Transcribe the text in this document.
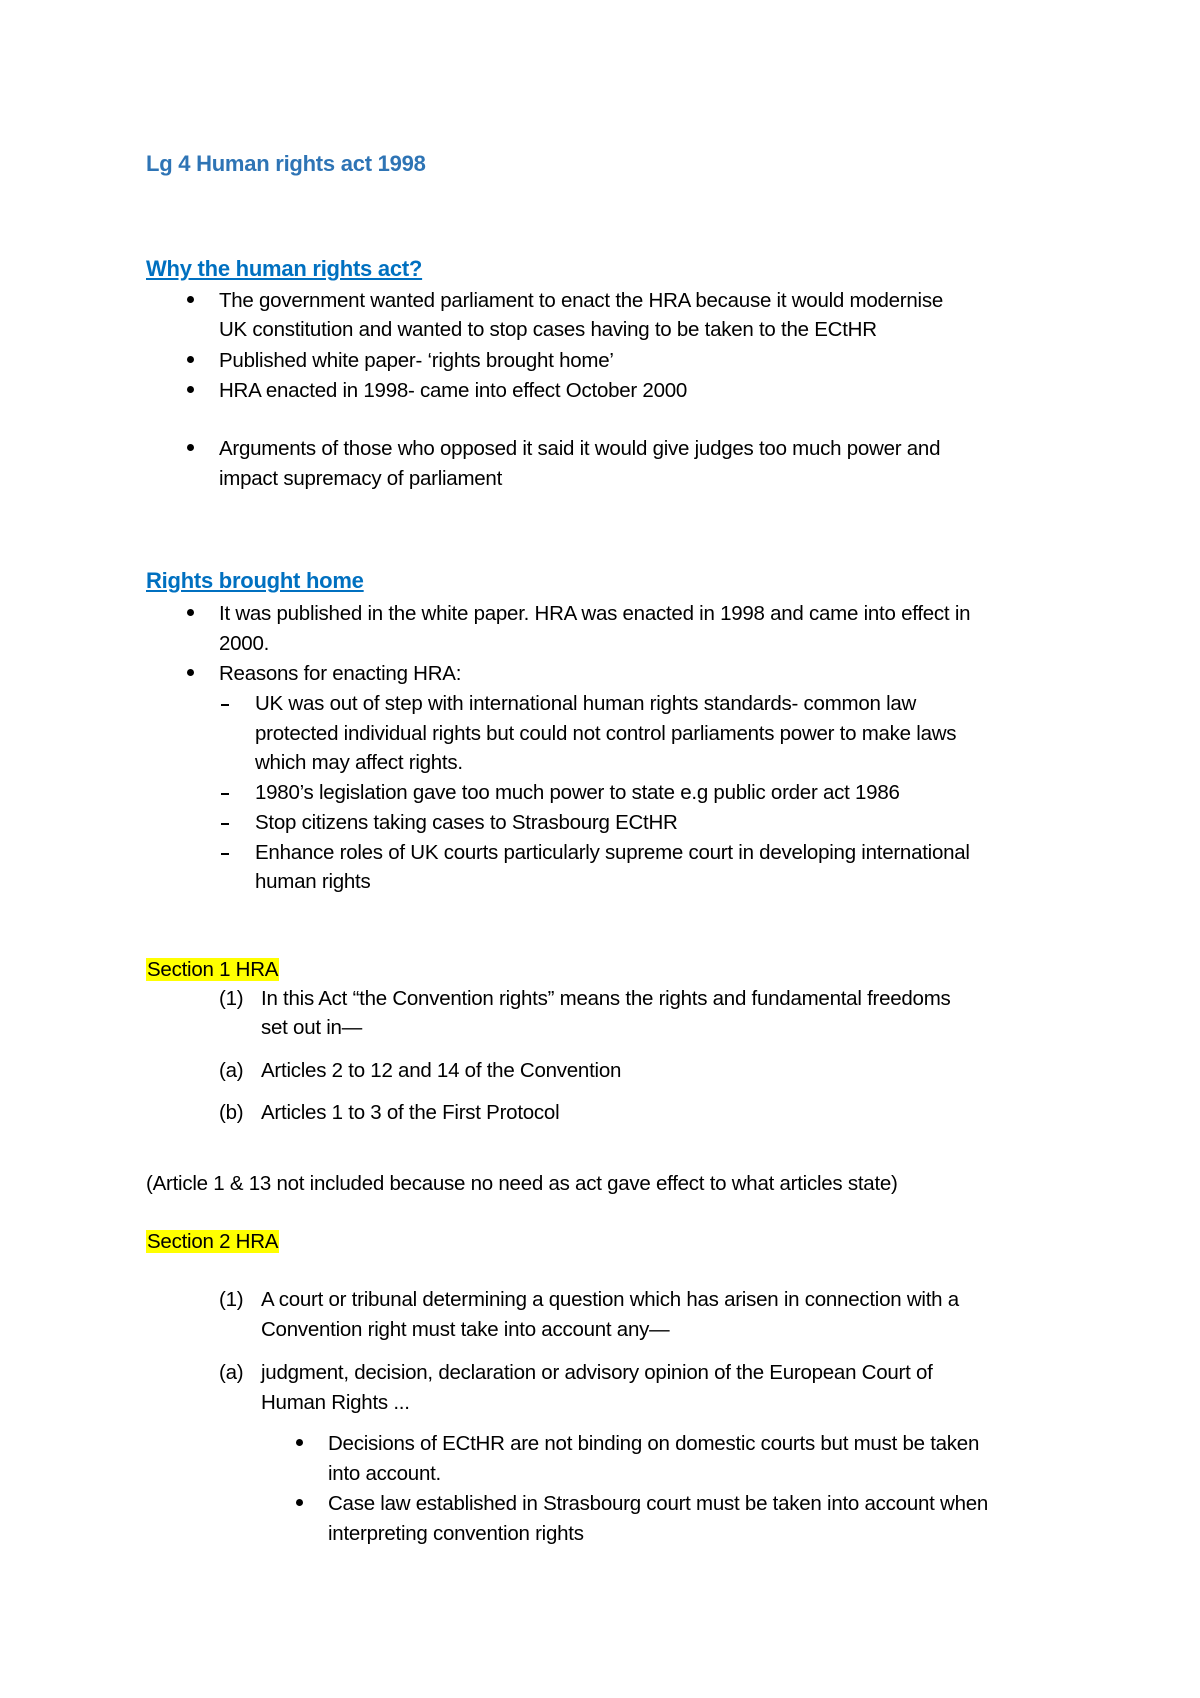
Lg 4 Human rights act 1998
Why the human rights act?
The government wanted parliament to enact the HRA because it would modernise
UK constitution and wanted to stop cases having to be taken to the ECtHR
Published white paper- ‘rights brought home’
HRA enacted in 1998- came into effect October 2000
Arguments of those who opposed it said it would give judges too much power and
impact supremacy of parliament
Rights brought home
It was published in the white paper. HRA was enacted in 1998 and came into effect in
2000.
Reasons for enacting HRA:
UK was out of step with international human rights standards- common law
protected individual rights but could not control parliaments power to make laws
which may affect rights.
1980’s legislation gave too much power to state e.g public order act 1986
Stop citizens taking cases to Strasbourg ECtHR
Enhance roles of UK courts particularly supreme court in developing international
human rights
Section 1 HRA
(1) In this Act “the Convention rights” means the rights and fundamental freedoms
set out in—
(a) Articles 2 to 12 and 14 of the Convention
(b) Articles 1 to 3 of the First Protocol
(Article 1 & 13 not included because no need as act gave effect to what articles state)
Section 2 HRA
(1) A court or tribunal determining a question which has arisen in connection with a
Convention right must take into account any—
(a) judgment, decision, declaration or advisory opinion of the European Court of
Human Rights ...
Decisions of ECtHR are not binding on domestic courts but must be taken
into account.
Case law established in Strasbourg court must be taken into account when
interpreting convention rights
